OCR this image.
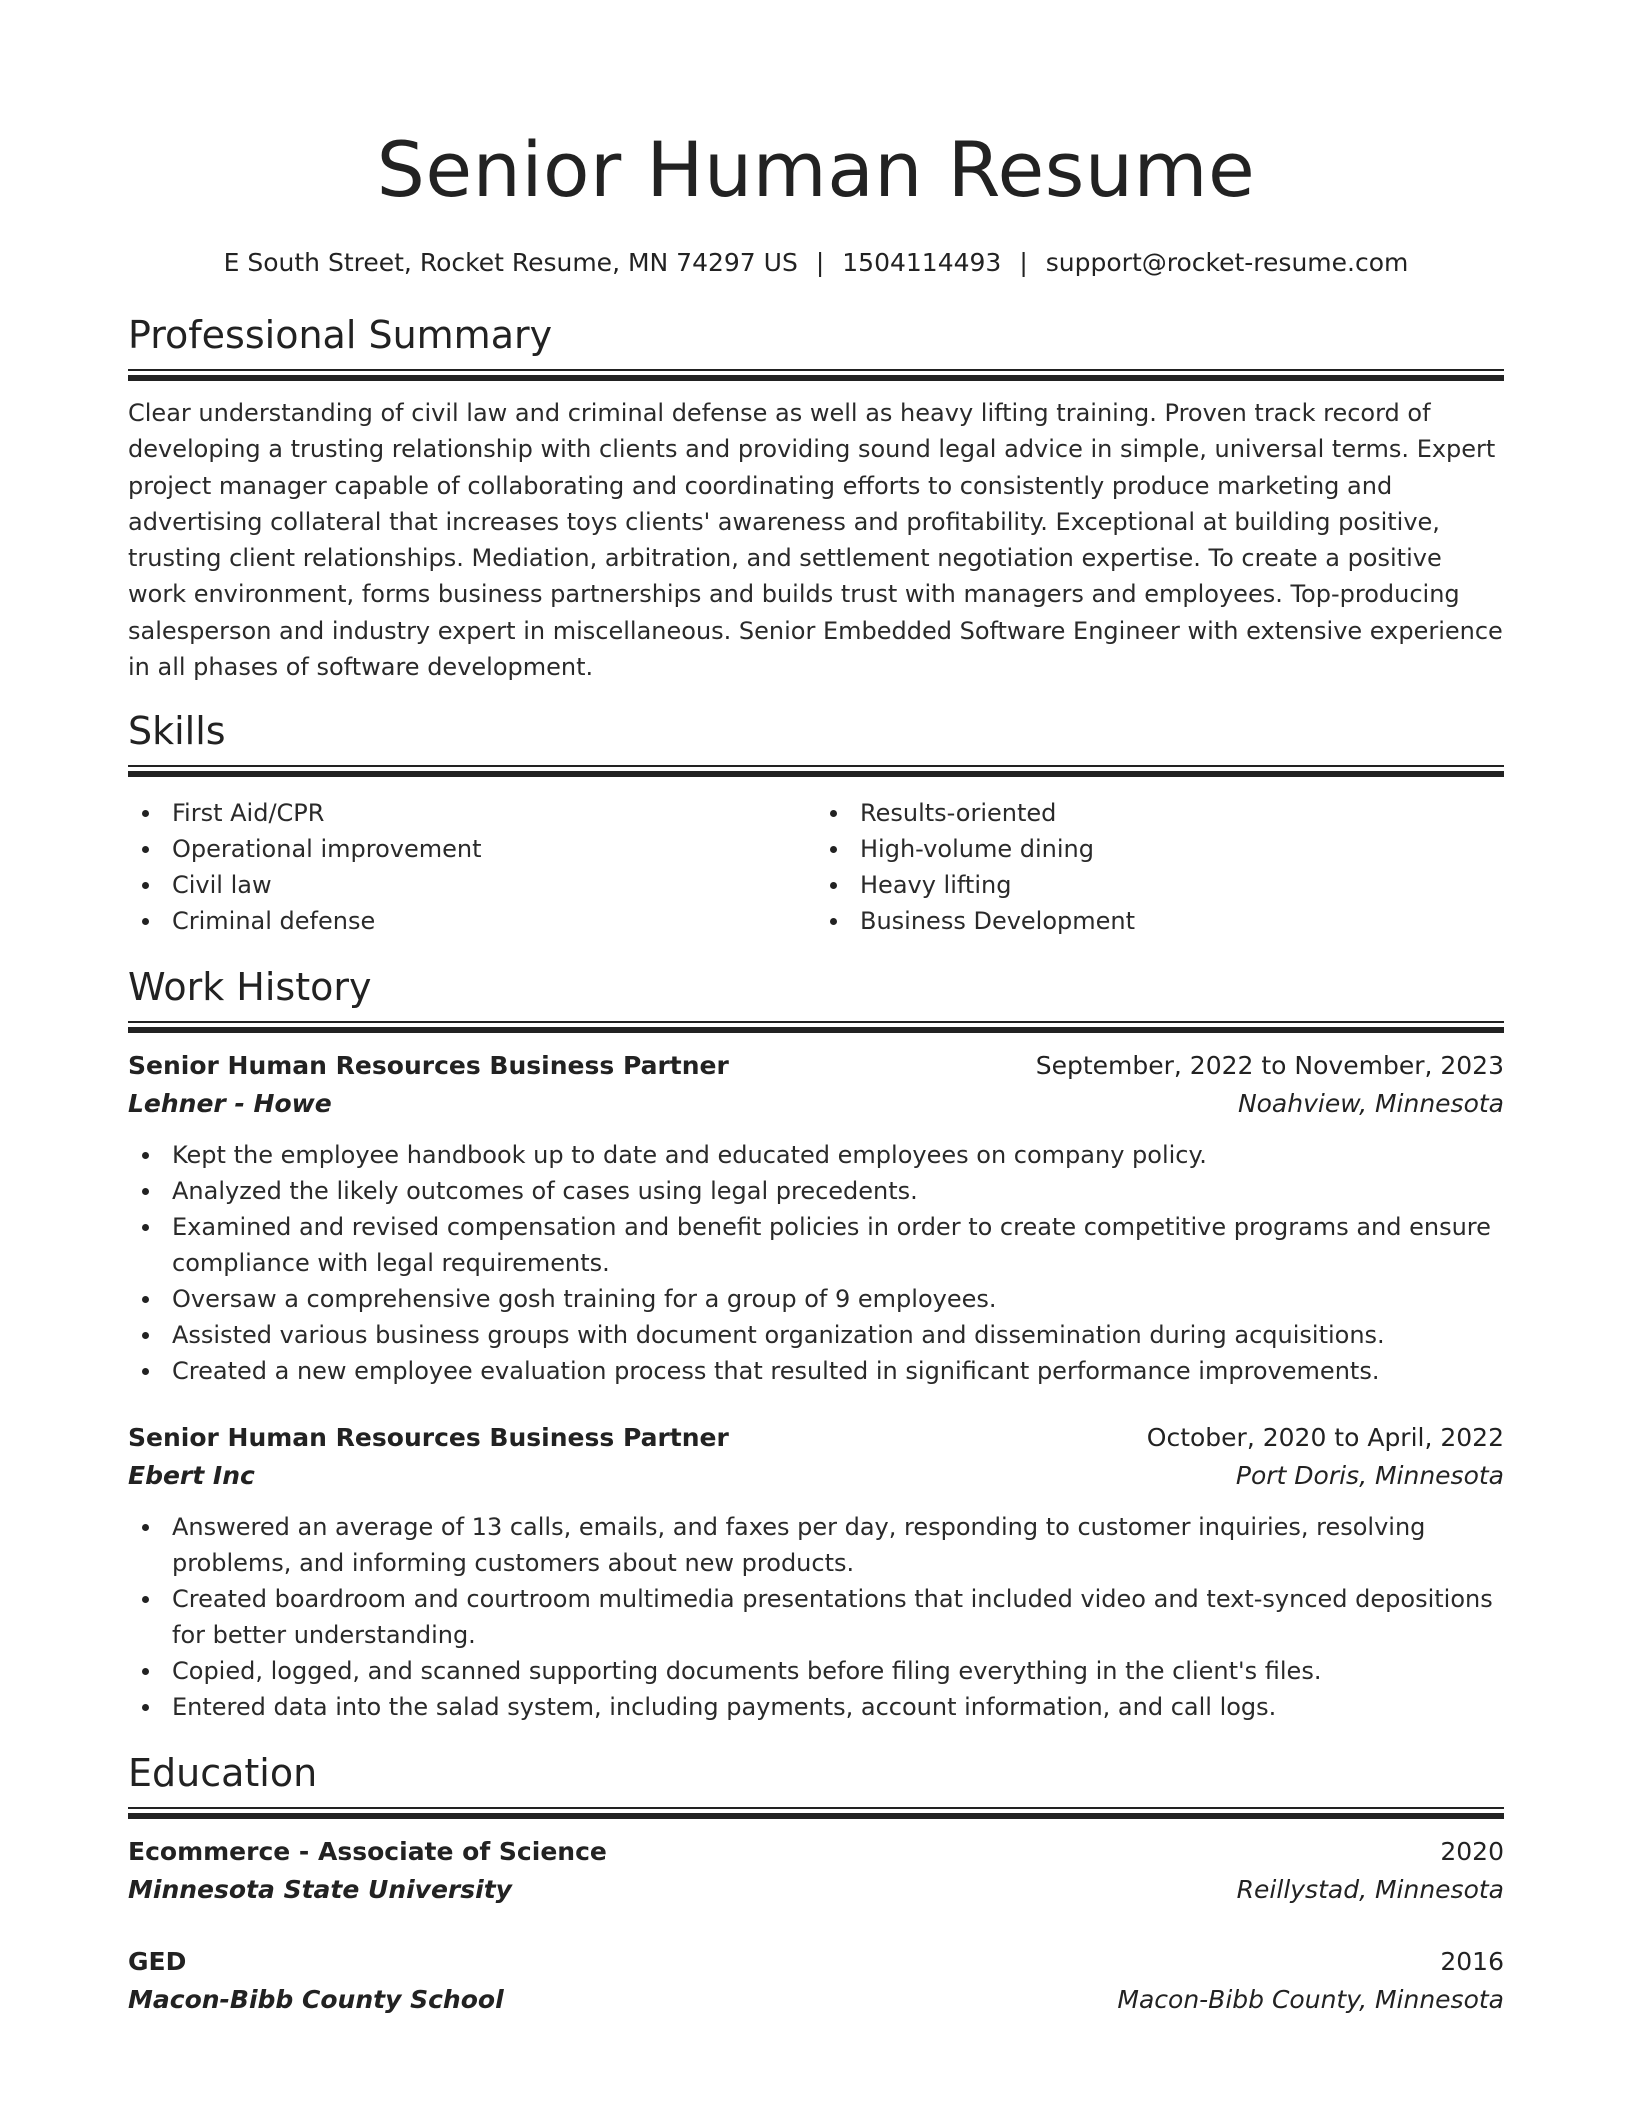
Senior Human Resume
E South Street, Rocket Resume, MN 74297 US | 1504114493 | support@rocket-resume.com
Professional Summary
Clear understanding of civil law and criminal defense as well as heavy lifting training. Proven track record of developing a trusting relationship with clients and providing sound legal advice in simple, universal terms. Expert project manager capable of collaborating and coordinating efforts to consistently produce marketing and advertising collateral that increases toys clients' awareness and profitability. Exceptional at building positive, trusting client relationships. Mediation, arbitration, and settlement negotiation expertise. To create a positive work environment, forms business partnerships and builds trust with managers and employees. Top-producing salesperson and industry expert in miscellaneous. Senior Embedded Software Engineer with extensive experience in all phases of software development.
Skills
First Aid/CPR
Operational improvement
Civil law
Criminal defense
Results-oriented
High-volume dining
Heavy lifting
Business Development
Work History
Senior Human Resources Business Partner	September, 2022 to November, 2023
Lehner - Howe	Noahview, Minnesota
Kept the employee handbook up to date and educated employees on company policy.
Analyzed the likely outcomes of cases using legal precedents.
Examined and revised compensation and benefit policies in order to create competitive programs and ensure compliance with legal requirements.
Oversaw a comprehensive gosh training for a group of 9 employees.
Assisted various business groups with document organization and dissemination during acquisitions.
Created a new employee evaluation process that resulted in significant performance improvements.
Senior Human Resources Business Partner	October, 2020 to April, 2022
Ebert Inc	Port Doris, Minnesota
Answered an average of 13 calls, emails, and faxes per day, responding to customer inquiries, resolving problems, and informing customers about new products.
Created boardroom and courtroom multimedia presentations that included video and text-synced depositions for better understanding.
Copied, logged, and scanned supporting documents before filing everything in the client's files.
Entered data into the salad system, including payments, account information, and call logs.
Education
Ecommerce - Associate of Science	2020
Minnesota State University	Reillystad, Minnesota
GED	2016
Macon-Bibb County School	Macon-Bibb County, Minnesota
